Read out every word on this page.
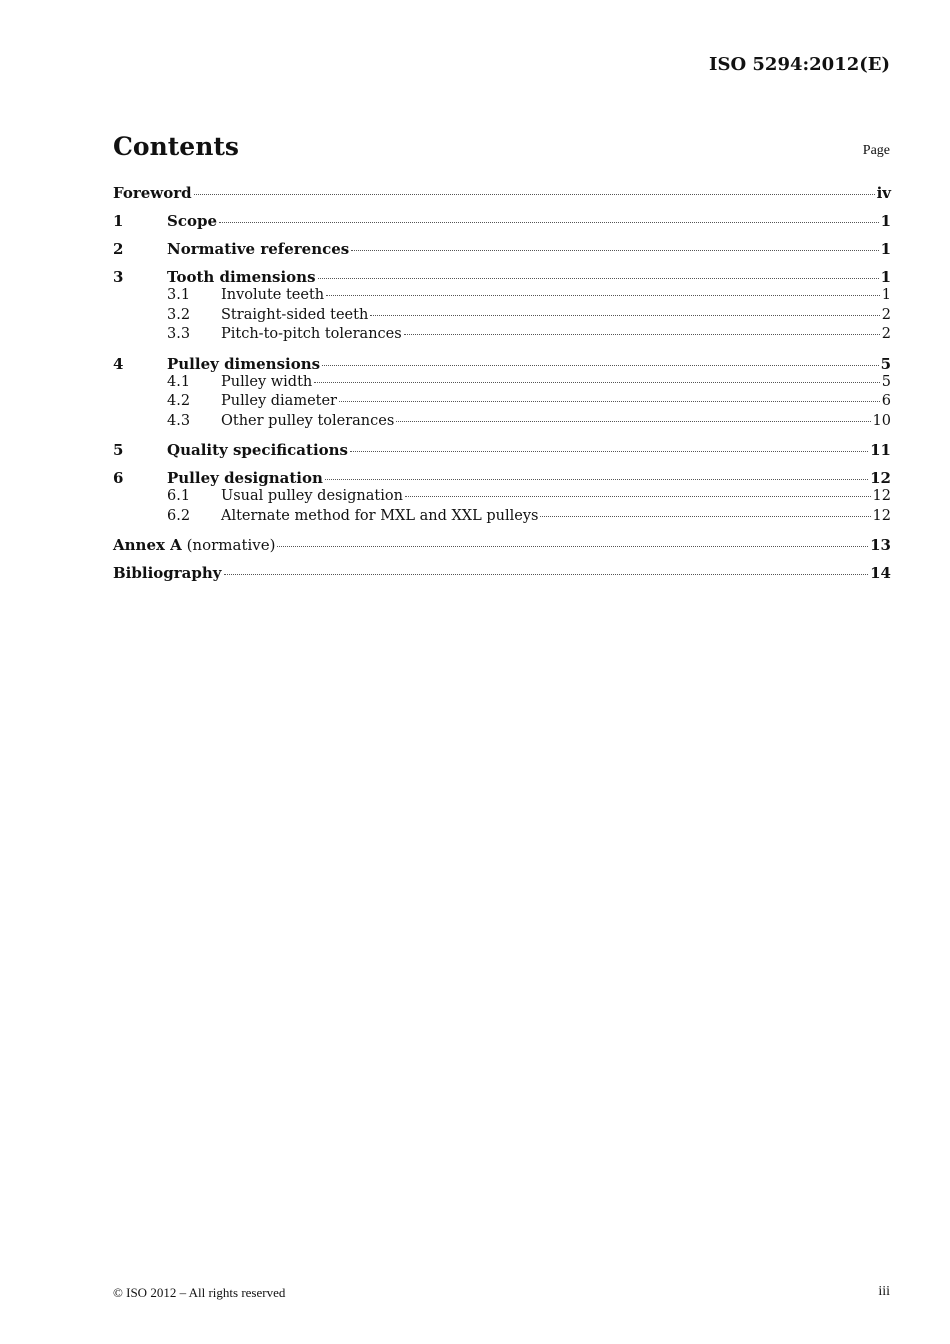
ISO 5294:2012(E)
Contents	Page
Foreword	iv
1	Scope	1
2	Normative references	1
3	Tooth dimensions	1
3.1	Involute teeth	1
3.2	Straight-sided teeth	2
3.3	Pitch-to-pitch tolerances	2
4	Pulley dimensions	5
4.1	Pulley width	5
4.2	Pulley diameter	6
4.3	Other pulley tolerances	10
5	Quality specifications	11
6	Pulley designation	12
6.1	Usual pulley designation	12
6.2	Alternate method for MXL and XXL pulleys	12
Annex A (normative)	13
Bibliography	14
© ISO 2012 – All rights reserved	iii
